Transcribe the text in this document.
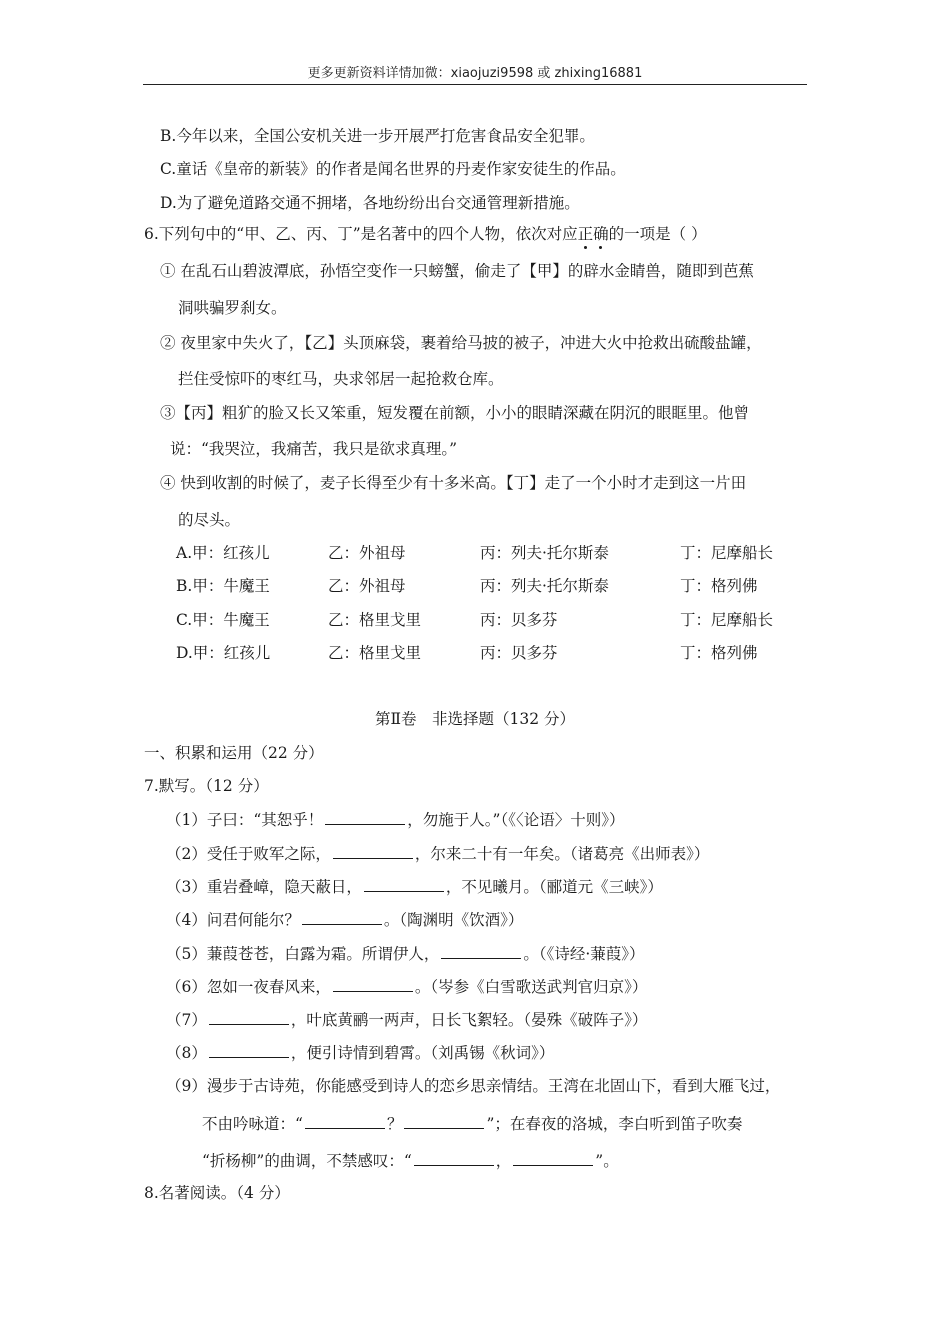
更多更新资料详情加微：xiaojuzi9598 或 zhixing16881
B.今年以来，全国公安机关进一步开展严打危害食品安全犯罪。
C.童话《皇帝的新装》的作者是闻名世界的丹麦作家安徒生的作品。
D.为了避免道路交通不拥堵，各地纷纷出台交通管理新措施。
6.下列句中的“甲、乙、丙、丁”是名著中的四个人物，依次对应正确的一项是（ ）
① 在乱石山碧波潭底，孙悟空变作一只螃蟹，偷走了【甲】的辟水金睛兽，随即到芭蕉
洞哄骗罗刹女。
② 夜里家中失火了，【乙】头顶麻袋，裹着给马披的被子，冲进大火中抢救出硫酸盐罐，
拦住受惊吓的枣红马，央求邻居一起抢救仓库。
③【丙】粗犷的脸又长又笨重，短发覆在前额，小小的眼睛深藏在阴沉的眼眶里。他曾
说：“我哭泣，我痛苦，我只是欲求真理。”
④ 快到收割的时候了，麦子长得至少有十多米高。【丁】走了一个小时才走到这一片田
的尽头。
A.甲：红孩儿	乙：外祖母	丙：列夫·托尔斯泰	丁：尼摩船长
B.甲：牛魔王	乙：外祖母	丙：列夫·托尔斯泰	丁：格列佛
C.甲：牛魔王	乙：格里戈里	丙：贝多芬	丁：尼摩船长
D.甲：红孩儿	乙：格里戈里	丙：贝多芬	丁：格列佛
第Ⅱ卷　非选择题（132 分）
一、积累和运用（22 分）
7.默写。（12 分）
（1）子曰：“其恕乎！	，勿施于人。”（《〈论语〉十则》）
（2）受任于败军之际，	，尔来二十有一年矣。（诸葛亮《出师表》）
（3）重岩叠嶂，隐天蔽日，	，不见曦月。（郦道元《三峡》）
（4）问君何能尔？	。（陶渊明《饮酒》）
（5）蒹葭苍苍，白露为霜。所谓伊人，	。（《诗经·蒹葭》）
（6）忽如一夜春风来，	。（岑参《白雪歌送武判官归京》）
（7）	，叶底黄鹂一两声，日长飞絮轻。（晏殊《破阵子》）
（8）	，便引诗情到碧霄。（刘禹锡《秋词》）
（9）漫步于古诗苑，你能感受到诗人的恋乡思亲情结。王湾在北固山下，看到大雁飞过，
不由吟咏道：“	？	”；在春夜的洛城，李白听到笛子吹奏
“折杨柳”的曲调，不禁感叹：“	，	”。
8.名著阅读。（4 分）
